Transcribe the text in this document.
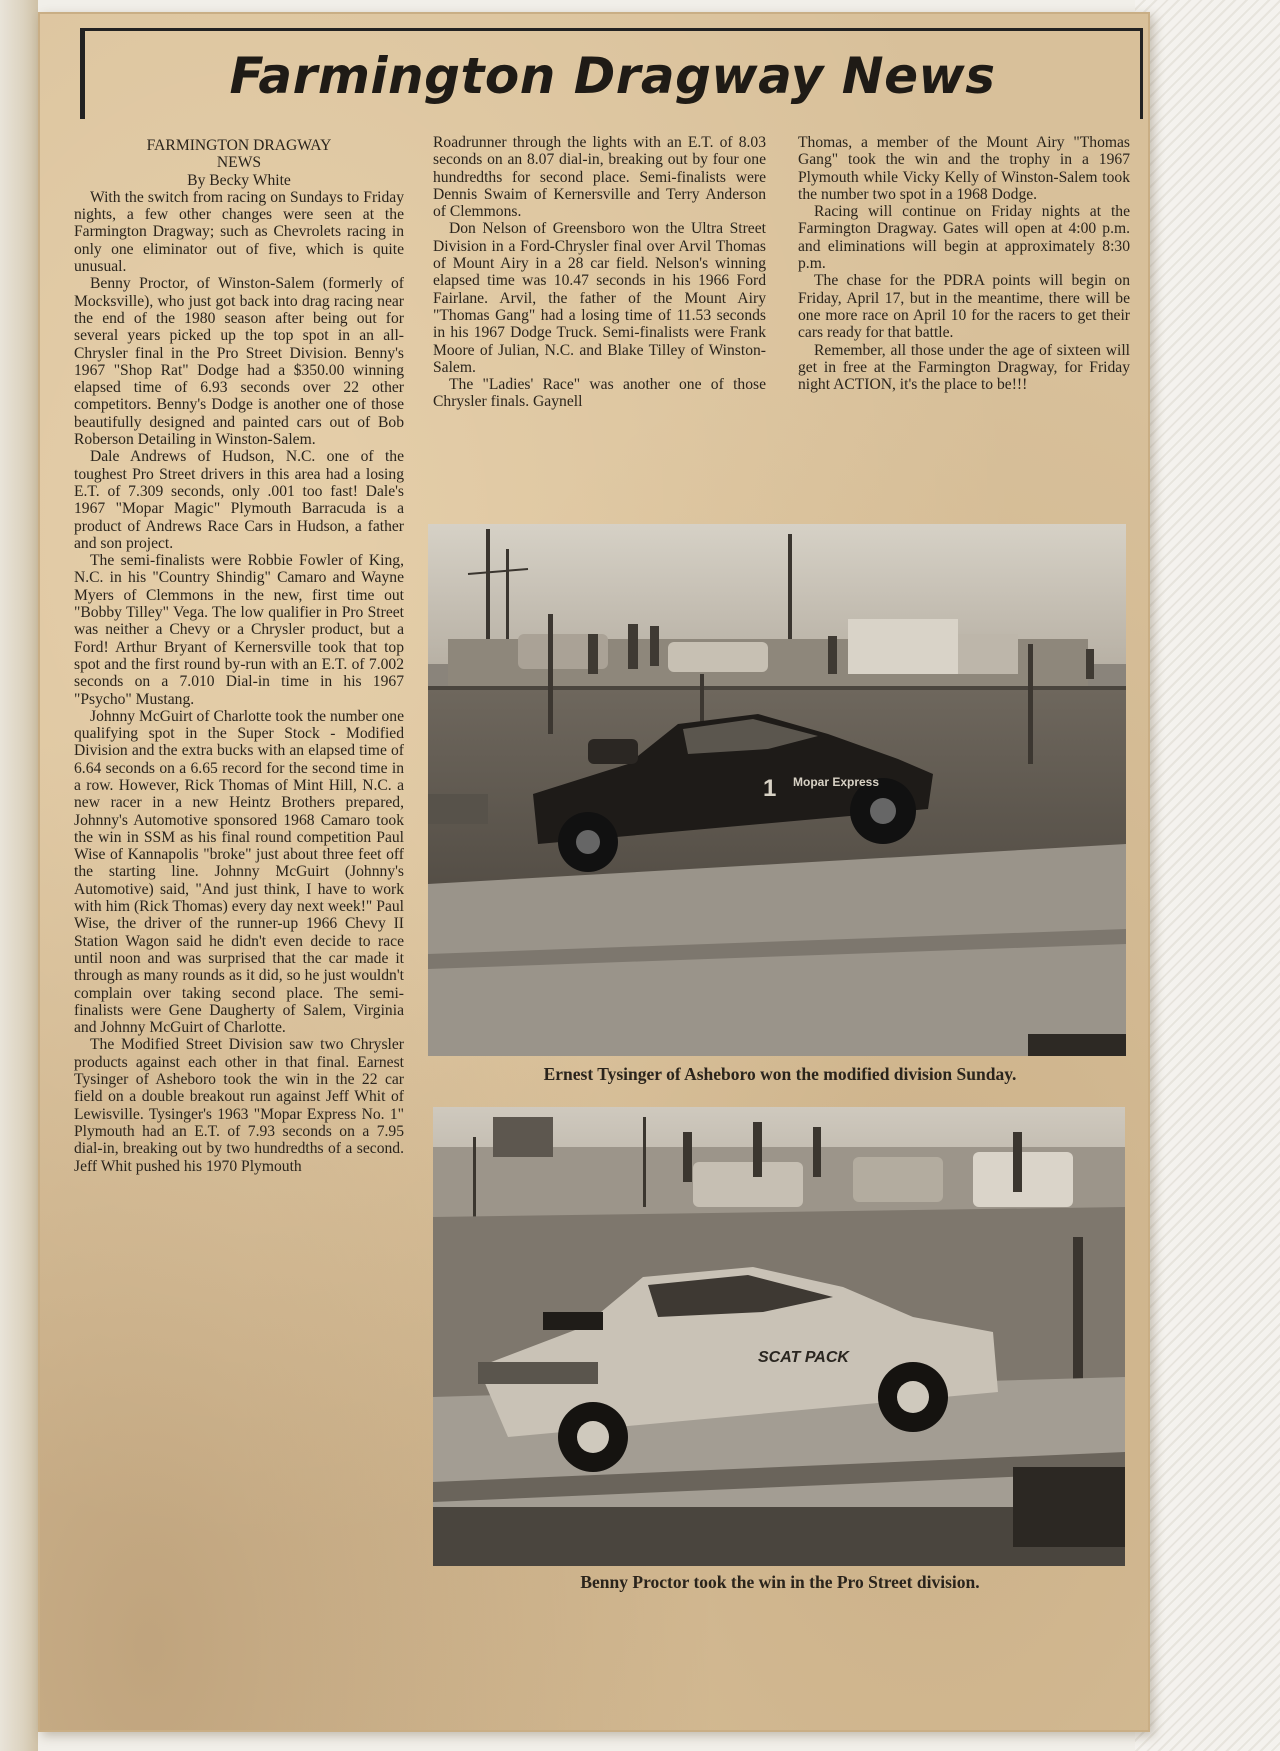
Farmington Dragway News

FARMINGTON DRAGWAY

NEWS

By Becky White

With the switch from racing on Sundays to Friday nights, a few other changes were seen at the Farmington Dragway; such as Chevrolets racing in only one eliminator out of five, which is quite unusual.

Benny Proctor, of Winston-Salem (formerly of Mocksville), who just got back into drag racing near the end of the 1980 season after being out for several years picked up the top spot in an all-Chrysler final in the Pro Street Division. Benny's 1967 "Shop Rat" Dodge had a $350.00 winning elapsed time of 6.93 seconds over 22 other competitors. Benny's Dodge is another one of those beautifully designed and painted cars out of Bob Roberson Detailing in Winston-Salem.

Dale Andrews of Hudson, N.C. one of the toughest Pro Street drivers in this area had a losing E.T. of 7.309 seconds, only .001 too fast! Dale's 1967 "Mopar Magic" Plymouth Barracuda is a product of Andrews Race Cars in Hudson, a father and son project.

The semi-finalists were Robbie Fowler of King, N.C. in his "Country Shindig" Camaro and Wayne Myers of Clemmons in the new, first time out "Bobby Tilley" Vega. The low qualifier in Pro Street was neither a Chevy or a Chrysler product, but a Ford! Arthur Bryant of Kernersville took that top spot and the first round by-run with an E.T. of 7.002 seconds on a 7.010 Dial-in time in his 1967 "Psycho" Mustang.

Johnny McGuirt of Charlotte took the number one qualifying spot in the Super Stock - Modified Division and the extra bucks with an elapsed time of 6.64 seconds on a 6.65 record for the second time in a row. However, Rick Thomas of Mint Hill, N.C. a new racer in a new Heintz Brothers prepared, Johnny's Automotive sponsored 1968 Camaro took the win in SSM as his final round competition Paul Wise of Kannapolis "broke" just about three feet off the starting line. Johnny McGuirt (Johnny's Automotive) said, "And just think, I have to work with him (Rick Thomas) every day next week!" Paul Wise, the driver of the runner-up 1966 Chevy II Station Wagon said he didn't even decide to race until noon and was surprised that the car made it through as many rounds as it did, so he just wouldn't complain over taking second place. The semi-finalists were Gene Daugherty of Salem, Virginia and Johnny McGuirt of Charlotte.

The Modified Street Division saw two Chrysler products against each other in that final. Earnest Tysinger of Asheboro took the win in the 22 car field on a double breakout run against Jeff Whit of Lewisville. Tysinger's 1963 "Mopar Express No. 1" Plymouth had an E.T. of 7.93 seconds on a 7.95 dial-in, breaking out by two hundredths of a second. Jeff Whit pushed his 1970 Plymouth

Roadrunner through the lights with an E.T. of 8.03 seconds on an 8.07 dial-in, breaking out by four one hundredths for second place. Semi-finalists were Dennis Swaim of Kernersville and Terry Anderson of Clemmons.

Don Nelson of Greensboro won the Ultra Street Division in a Ford-Chrysler final over Arvil Thomas of Mount Airy in a 28 car field. Nelson's winning elapsed time was 10.47 seconds in his 1966 Ford Fairlane. Arvil, the father of the Mount Airy "Thomas Gang" had a losing time of 11.53 seconds in his 1967 Dodge Truck. Semi-finalists were Frank Moore of Julian, N.C. and Blake Tilley of Winston-Salem.

The "Ladies' Race" was another one of those Chrysler finals. Gaynell

Thomas, a member of the Mount Airy "Thomas Gang" took the win and the trophy in a 1967 Plymouth while Vicky Kelly of Winston-Salem took the number two spot in a 1968 Dodge.

Racing will continue on Friday nights at the Farmington Dragway. Gates will open at 4:00 p.m. and eliminations will begin at approximately 8:30 p.m.

The chase for the PDRA points will begin on Friday, April 17, but in the meantime, there will be one more race on April 10 for the racers to get their cars ready for that battle.

Remember, all those under the age of sixteen will get in free at the Farmington Dragway, for Friday night ACTION, it's the place to be!!!

Mopar Express
1
Ernest Tysinger of Asheboro won the modified division Sunday.
SCAT PACK
Benny Proctor took the win in the Pro Street division.
